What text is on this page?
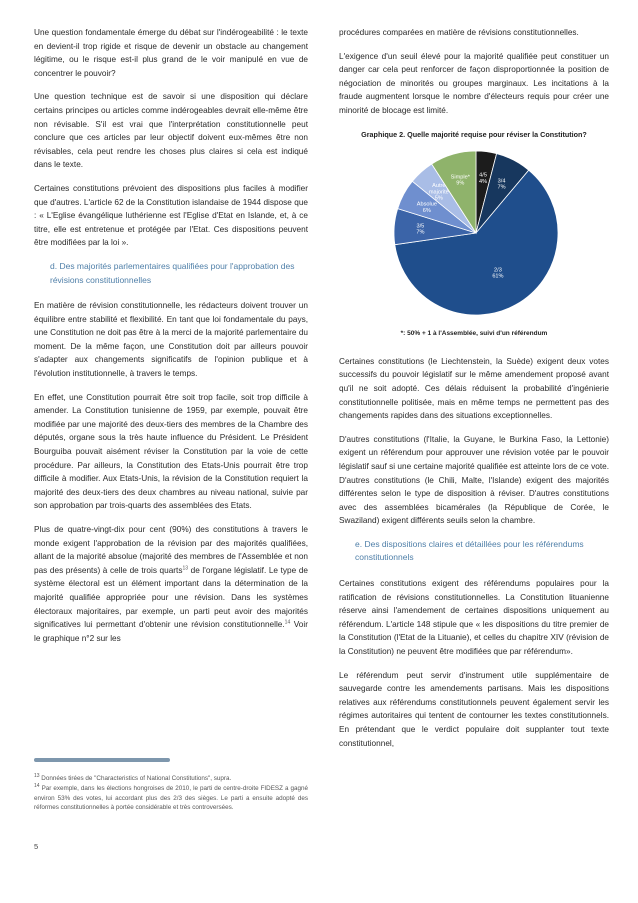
Une question fondamentale émerge du débat sur l'indérogeabilité : le texte en devient-il trop rigide et risque de devenir un obstacle au changement légitime, ou le risque est-il plus grand de le voir manipulé en vue de concentrer le pouvoir?

Une question technique est de savoir si une disposition qui déclare certains principes ou articles comme indérogeables devrait elle-même être non révisable. S'il est vrai que l'interprétation constitutionnelle peut conclure que ces articles par leur objectif doivent eux-mêmes être non révisables, cela peut rendre les choses plus claires si cela est indiqué dans le texte.

Certaines constitutions prévoient des dispositions plus faciles à modifier que d'autres. L'article 62 de la Constitution islandaise de 1944 dispose que : « L'Eglise évangélique luthérienne est l'Eglise d'Etat en Islande, et, à ce titre, elle est entretenue et protégée par l'Etat. Ces dispositions peuvent être modifiées par la loi ».

d. Des majorités parlementaires qualifiées pour l'approbation des révisions constitutionnelles

En matière de révision constitutionnelle, les rédacteurs doivent trouver un équilibre entre stabilité et flexibilité. En tant que loi fondamentale du pays, une Constitution ne doit pas être à la merci de la majorité parlementaire du moment. De la même façon, une Constitution doit par ailleurs pouvoir s'adapter aux changements significatifs de l'opinion publique et à l'évolution institutionnelle, à travers le temps.

En effet, une Constitution pourrait être soit trop facile, soit trop difficile à amender. La Constitution tunisienne de 1959, par exemple, pouvait être modifiée par une majorité des deux-tiers des membres de la Chambre des députés, organe sous la très haute influence du Président. Le Président Bourguiba pouvait aisément réviser la Constitution par la voie de cette procédure. Par ailleurs, la Constitution des Etats-Unis pourrait être trop difficile à modifier. Aux Etats-Unis, la révision de la Constitution requiert la majorité des deux-tiers des deux chambres au niveau national, suivie par son approbation par trois-quarts des assemblées des Etats.

Plus de quatre-vingt-dix pour cent (90%) des constitutions à travers le monde exigent l'approbation de la révision par des majorités qualifiées, allant de la majorité absolue (majorité des membres de l'Assemblée et non pas des présents) à celle de trois quarts$^{13}$ de l'organe législatif. Le type de système électoral est un élément important dans la détermination de la majorité qualifiée appropriée pour une révision. Dans les systèmes électoraux majoritaires, par exemple, un parti peut avoir des majorités significatives lui permettant d'obtenir une révision constitutionnelle.$^{14}$ Voir le graphique n°2 sur les

$^{13}$ Données tirées de "Characteristics of National Constitutions", supra.

$^{14}$ Par exemple, dans les élections hongroises de 2010, le parti de centre-droite FIDESZ a gagné environ 53% des votes, lui accordant plus des 2/3 des sièges. Le parti a ensuite adopté des réformes constitutionnelles à portée considérable et très controversées.

5

procédures comparées en matière de révisions constitutionnelles.

L'exigence d'un seuil élevé pour la majorité qualifiée peut constituer un danger car cela peut renforcer de façon disproportionnée la position de négociation de minorités ou groupes marginaux. Les incitations à la fraude augmentent lorsque le nombre d'électeurs requis pour créer une minorité de blocage est limité.

Graphique 2. Quelle majorité requise pour réviser la Constitution?
4/5
4% 3/4
7%
2/3
61%
3/5
7%
Absolue
6%
Autre
majorité
5%
Simple*
9%
*: 50% + 1 à l'Assemblée, suivi d'un référendum

Certaines constitutions (le Liechtenstein, la Suède) exigent deux votes successifs du pouvoir législatif sur le même amendement proposé avant qu'il ne soit adopté. Ces délais réduisent la probabilité d'ingénierie constitutionnelle politisée, mais en même temps ne permettent pas des changements rapides dans des situations exceptionnelles.

D'autres constitutions (l'Italie, la Guyane, le Burkina Faso, la Lettonie) exigent un référendum pour approuver une révision votée par le pouvoir législatif sauf si une certaine majorité qualifiée est atteinte lors de ce vote. D'autres constitutions (le Chili, Malte, l'Islande) exigent des majorités différentes selon le type de disposition à réviser. D'autres constitutions avec des assemblées bicamérales (la République de Corée, le Swaziland) exigent différents seuils selon la chambre.

e. Des dispositions claires et détaillées pour les référendums constitutionnels

Certaines constitutions exigent des référendums populaires pour la ratification de révisions constitutionnelles. La Constitution lituanienne réserve ainsi l'amendement de certaines dispositions uniquement au référendum. L'article 148 stipule que « les dispositions du titre premier de la Constitution (l'Etat de la Lituanie), et celles du chapitre XIV (révision de la Constitution) ne peuvent être modifiées que par référendum».

Le référendum peut servir d'instrument utile supplémentaire de sauvegarde contre les amendements partisans. Mais les dispositions relatives aux référendums constitutionnels peuvent également servir les régimes autoritaires qui tentent de contourner les textes constitutionnels. En prétendant que le verdict populaire doit supplanter tout texte constitutionnel,
